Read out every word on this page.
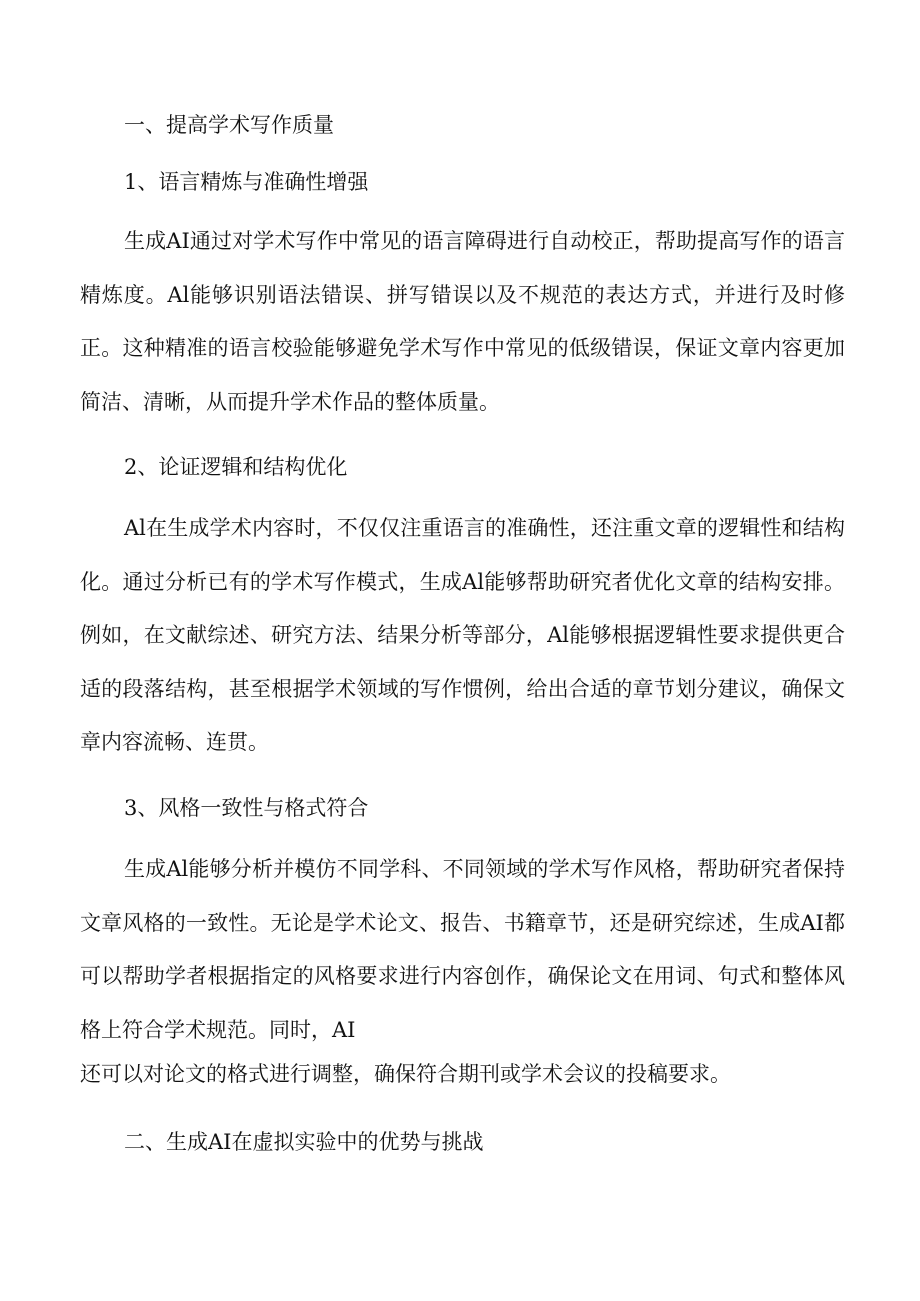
一、提高学术写作质量
1、语言精炼与准确性增强

生成AI通过对学术写作中常见的语言障碍进行自动校正，帮助提高写作的语言精炼度。Al能够识别语法错误、拼写错误以及不规范的表达方式，并进行及时修正。这种精准的语言校验能够避免学术写作中常见的低级错误，保证文章内容更加简洁、清晰，从而提升学术作品的整体质量。

2、论证逻辑和结构优化

Al在生成学术内容时，不仅仅注重语言的准确性，还注重文章的逻辑性和结构化。通过分析已有的学术写作模式，生成Al能够帮助研究者优化文章的结构安排。例如，在文献综述、研究方法、结果分析等部分，Al能够根据逻辑性要求提供更合适的段落结构，甚至根据学术领域的写作惯例，给出合适的章节划分建议，确保文章内容流畅、连贯。

3、风格一致性与格式符合

生成Al能够分析并模仿不同学科、不同领域的学术写作风格，帮助研究者保持文章风格的一致性。无论是学术论文、报告、书籍章节，还是研究综述，生成AI都可以帮助学者根据指定的风格要求进行内容创作，确保论文在用词、句式和整体风格上符合学术规范。同时，AI

还可以对论文的格式进行调整，确保符合期刊或学术会议的投稿要求。

二、生成AI在虚拟实验中的优势与挑战
